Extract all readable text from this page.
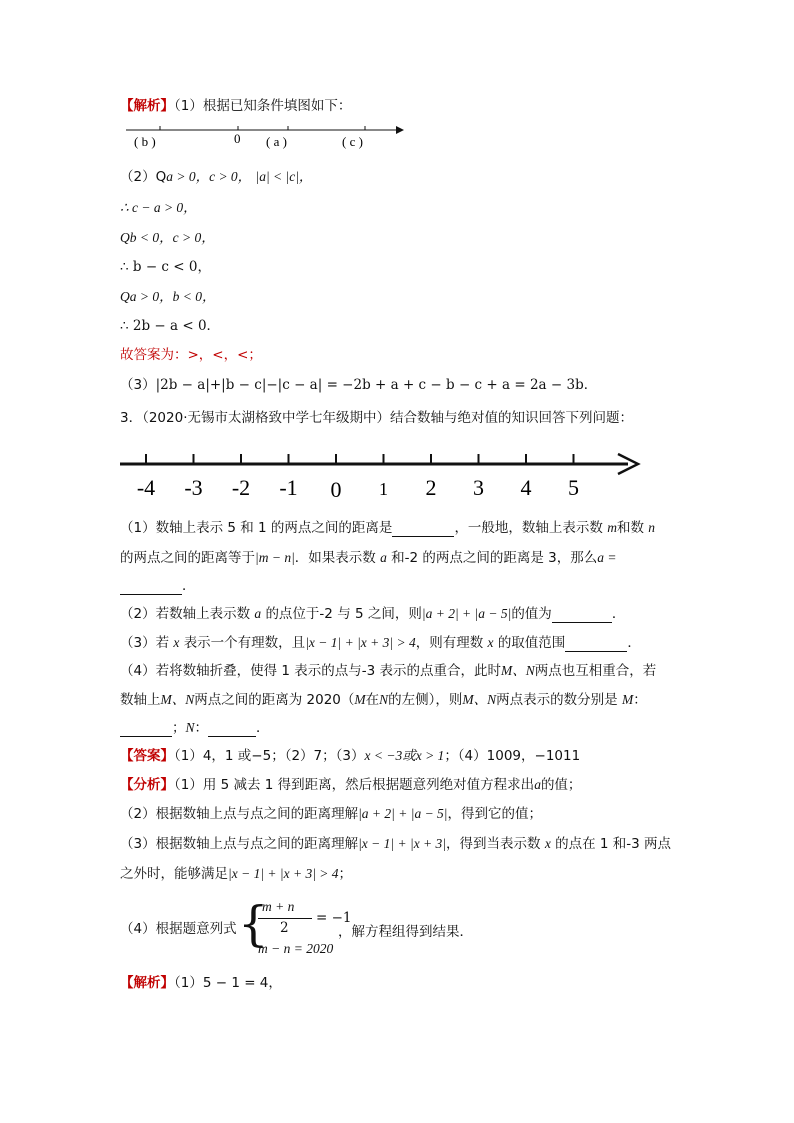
【解析】（1）根据已知条件填图如下：
( b )	0 ( a )	( c )
（2）Qa > 0，c > 0， |a| < |c|，
∴ c − a > 0，
Qb < 0，c > 0，
∴ b − c < 0，
Qa > 0，b < 0，
∴ 2b − a < 0．
故答案为：>，<，<；
（3）|2b − a|+|b − c|−|c − a| = −2b + a + c − b − c + a = 2a − 3b．
3．（2020·无锡市太湖格致中学七年级期中）结合数轴与绝对值的知识回答下列问题：
-4 -3 -2 -1 0 1 2 3 4 5
（1）数轴上表示 5 和 1 的两点之间的距离是	，一般地，数轴上表示数 m和数 n
的两点之间的距离等于|m − n|．如果表示数 a 和-2 的两点之间的距离是 3，那么a =
．
（2）若数轴上表示数 a 的点位于-2 与 5 之间，则|a + 2| + |a − 5|的值为	．
（3）若 x 表示一个有理数，且|x − 1| + |x + 3| > 4，则有理数 x 的取值范围	．
（4）若将数轴折叠，使得 1 表示的点与-3 表示的点重合，此时M、N两点也互相重合，若
数轴上M、N两点之间的距离为 2020（M在N的左侧），则M、N两点表示的数分别是 M：
；N：	．
【答案】（1）4，1 或−5；（2）7；（3）x < −3或x > 1；（4）1009，−1011
【分析】（1）用 5 减去 1 得到距离，然后根据题意列绝对值方程求出a的值；
（2）根据数轴上点与点之间的距离理解|a + 2| + |a − 5|，得到它的值；
（3）根据数轴上点与点之间的距离理解|x − 1| + |x + 3|，得到当表示数 x 的点在 1 和-3 两点
之外时，能够满足|x − 1| + |x + 3| > 4；
（4）根据题意列式 {
m + n
2
= −1
m − n = 2020
，解方程组得到结果．
【解析】（1）5 − 1 = 4，
